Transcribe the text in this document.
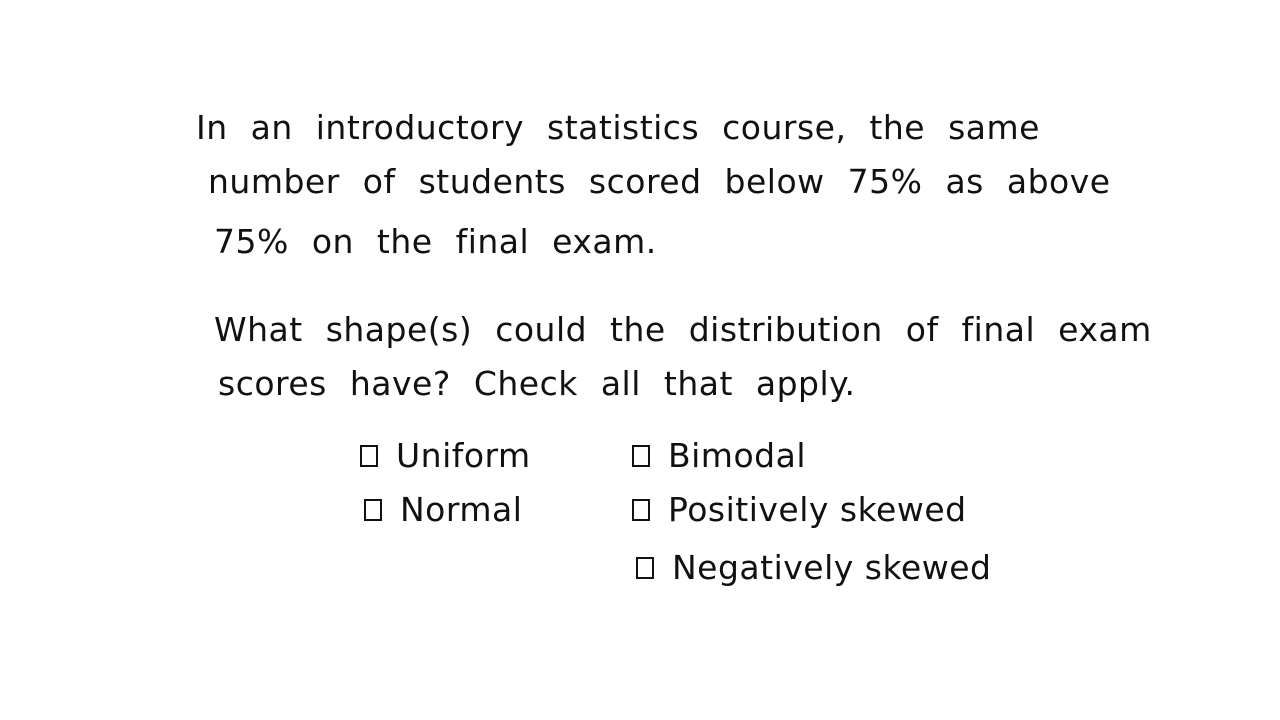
In an introductory statistics course, the same
number of students scored below 75% as above
75% on the final exam.
What shape(s) could the distribution of final exam
scores have? Check all that apply.
Uniform
Normal
Bimodal
Positively skewed
Negatively skewed
